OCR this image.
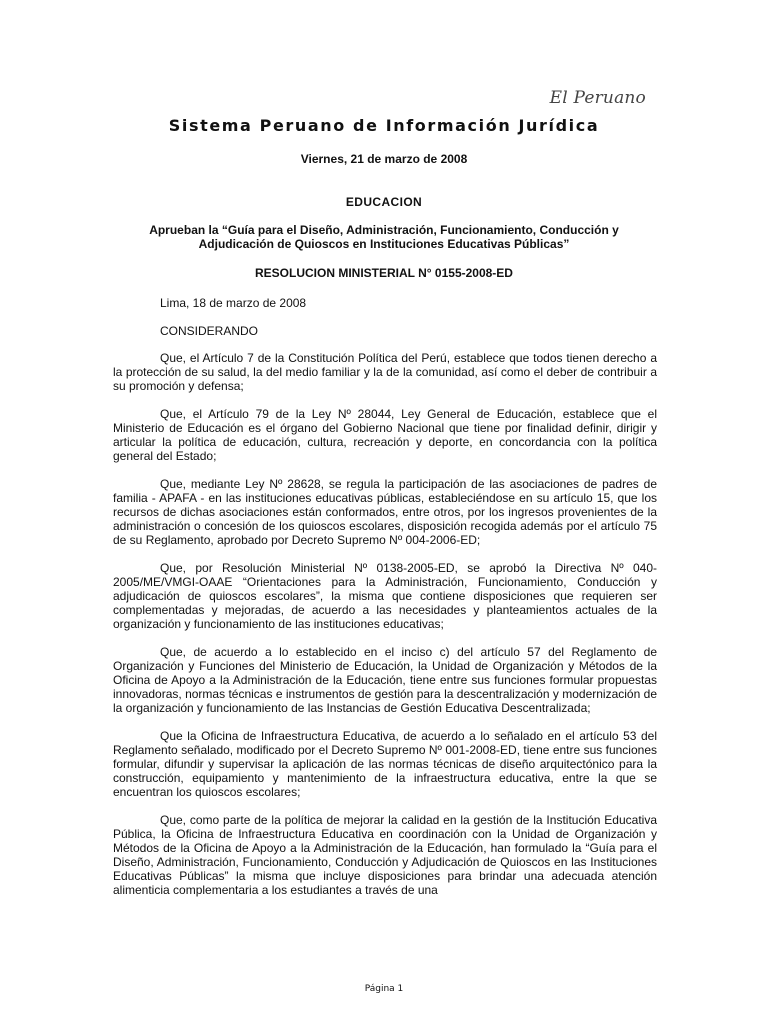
El Peruano
Sistema Peruano de Información Jurídica
Viernes, 21 de marzo de 2008
EDUCACION
Aprueban la “Guía para el Diseño, Administración, Funcionamiento, Conducción y Adjudicación de Quioscos en Instituciones Educativas Públicas”
RESOLUCION MINISTERIAL N° 0155-2008-ED
Lima, 18 de marzo de 2008
CONSIDERANDO

Que, el Artículo 7 de la Constitución Política del Perú, establece que todos tienen derecho a la protección de su salud, la del medio familiar y la de la comunidad, así como el deber de contribuir a su promoción y defensa;

Que, el Artículo 79 de la Ley Nº 28044, Ley General de Educación, establece que el Ministerio de Educación es el órgano del Gobierno Nacional que tiene por finalidad definir, dirigir y articular la política de educación, cultura, recreación y deporte, en concordancia con la política general del Estado;

Que, mediante Ley Nº 28628, se regula la participación de las asociaciones de padres de familia - APAFA - en las instituciones educativas públicas, estableciéndose en su artículo 15, que los recursos de dichas asociaciones están conformados, entre otros, por los ingresos provenientes de la administración o concesión de los quioscos escolares, disposición recogida además por el artículo 75 de su Reglamento, aprobado por Decreto Supremo Nº 004-2006-ED;

Que, por Resolución Ministerial Nº 0138-2005-ED, se aprobó la Directiva Nº 040-2005/ME/VMGI-OAAE “Orientaciones para la Administración, Funcionamiento, Conducción y adjudicación de quioscos escolares”, la misma que contiene disposiciones que requieren ser complementadas y mejoradas, de acuerdo a las necesidades y planteamientos actuales de la organización y funcionamiento de las instituciones educativas;

Que, de acuerdo a lo establecido en el inciso c) del artículo 57 del Reglamento de Organización y Funciones del Ministerio de Educación, la Unidad de Organización y Métodos de la Oficina de Apoyo a la Administración de la Educación, tiene entre sus funciones formular propuestas innovadoras, normas técnicas e instrumentos de gestión para la descentralización y modernización de la organización y funcionamiento de las Instancias de Gestión Educativa Descentralizada;

Que la Oficina de Infraestructura Educativa, de acuerdo a lo señalado en el artículo 53 del Reglamento señalado, modificado por el Decreto Supremo Nº 001-2008-ED, tiene entre sus funciones formular, difundir y supervisar la aplicación de las normas técnicas de diseño arquitectónico para la construcción, equipamiento y mantenimiento de la infraestructura educativa, entre la que se encuentran los quioscos escolares;

Que, como parte de la política de mejorar la calidad en la gestión de la Institución Educativa Pública, la Oficina de Infraestructura Educativa en coordinación con la Unidad de Organización y Métodos de la Oficina de Apoyo a la Administración de la Educación, han formulado la “Guía para el Diseño, Administración, Funcionamiento, Conducción y Adjudicación de Quioscos en las Instituciones Educativas Públicas” la misma que incluye disposiciones para brindar una adecuada atención alimenticia complementaria a los estudiantes a través de una

Página 1
